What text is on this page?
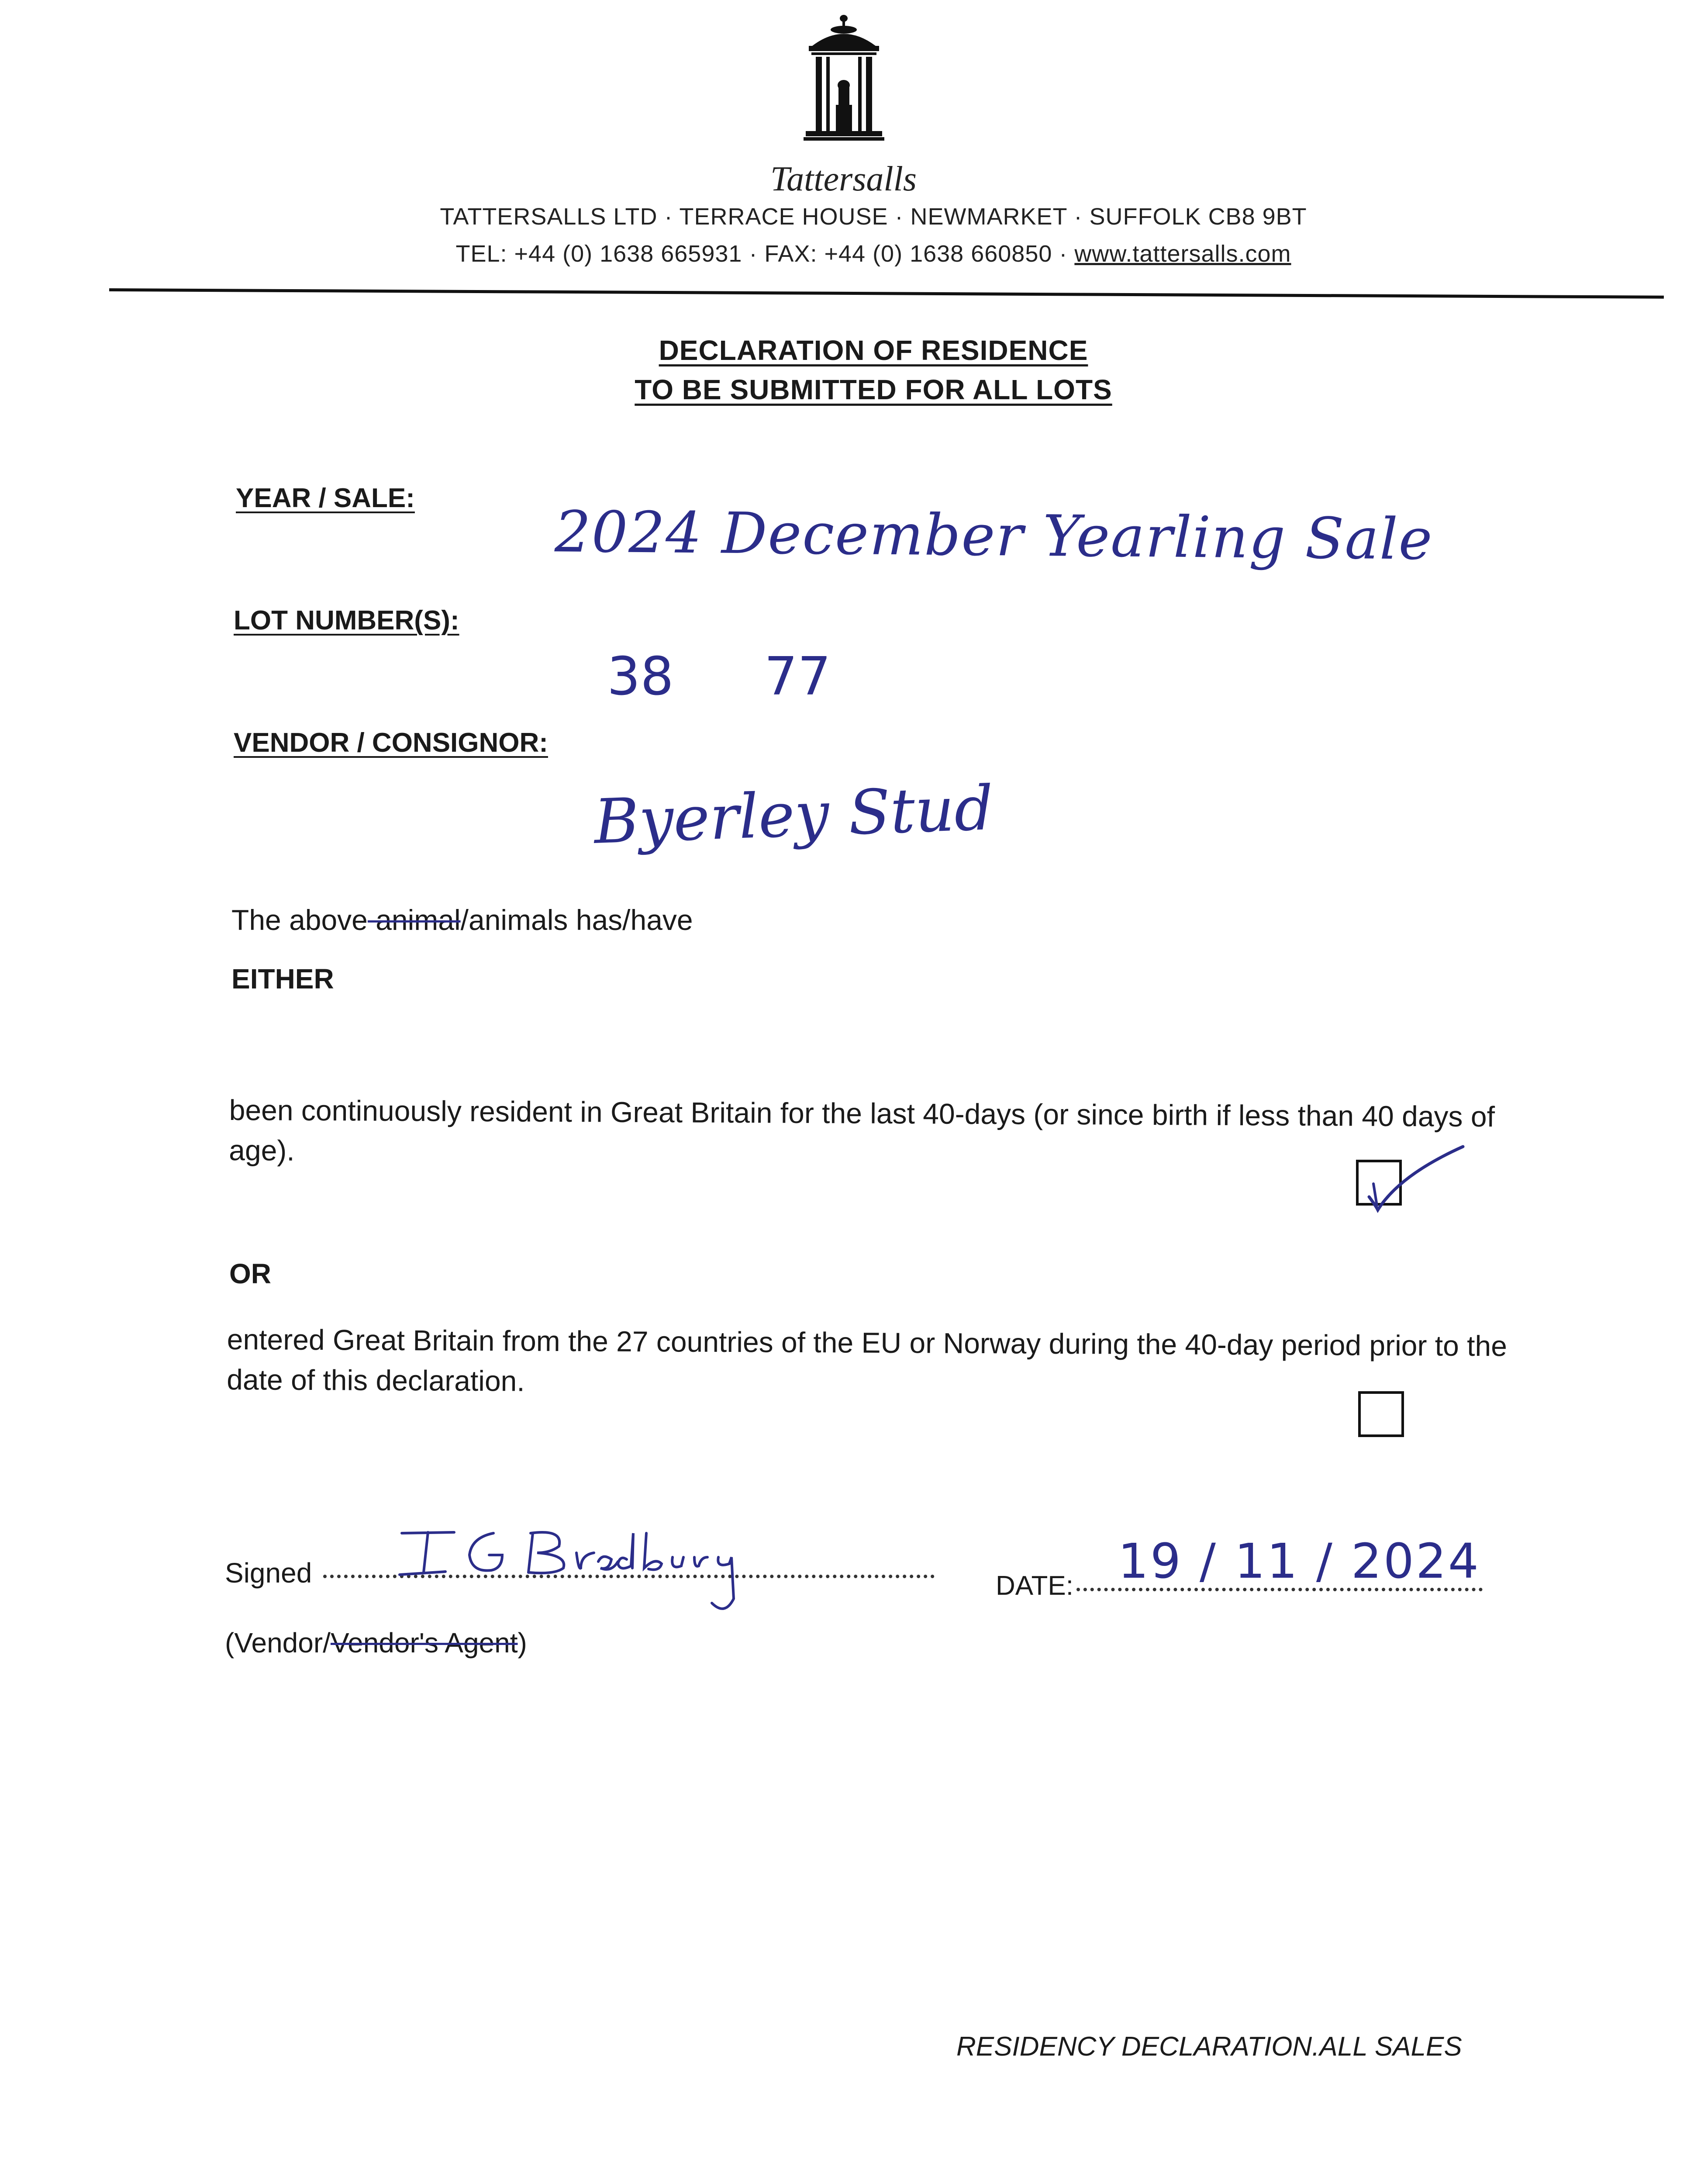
Tattersalls
TATTERSALLS LTD · TERRACE HOUSE · NEWMARKET · SUFFOLK CB8 9BT
TEL: +44 (0) 1638 665931 · FAX: +44 (0) 1638 660850 · www.tattersalls.com
DECLARATION OF RESIDENCE
TO BE SUBMITTED FOR ALL LOTS
YEAR / SALE:
2024 December Yearling Sale
LOT NUMBER(S):
38 77
VENDOR / CONSIGNOR:
Byerley Stud
The above animal/animals has/have
EITHER
been continuously resident in Great Britain for the last 40-days (or since birth if less than 40 days of age).
OR
entered Great Britain from the 27 countries of the EU or Norway during the 40-day period prior to the date of this declaration.
Signed
IG Bradbury
DATE: 19 / 11 / 2024
(Vendor/Vendor's Agent)
RESIDENCY DECLARATION.ALL SALES
